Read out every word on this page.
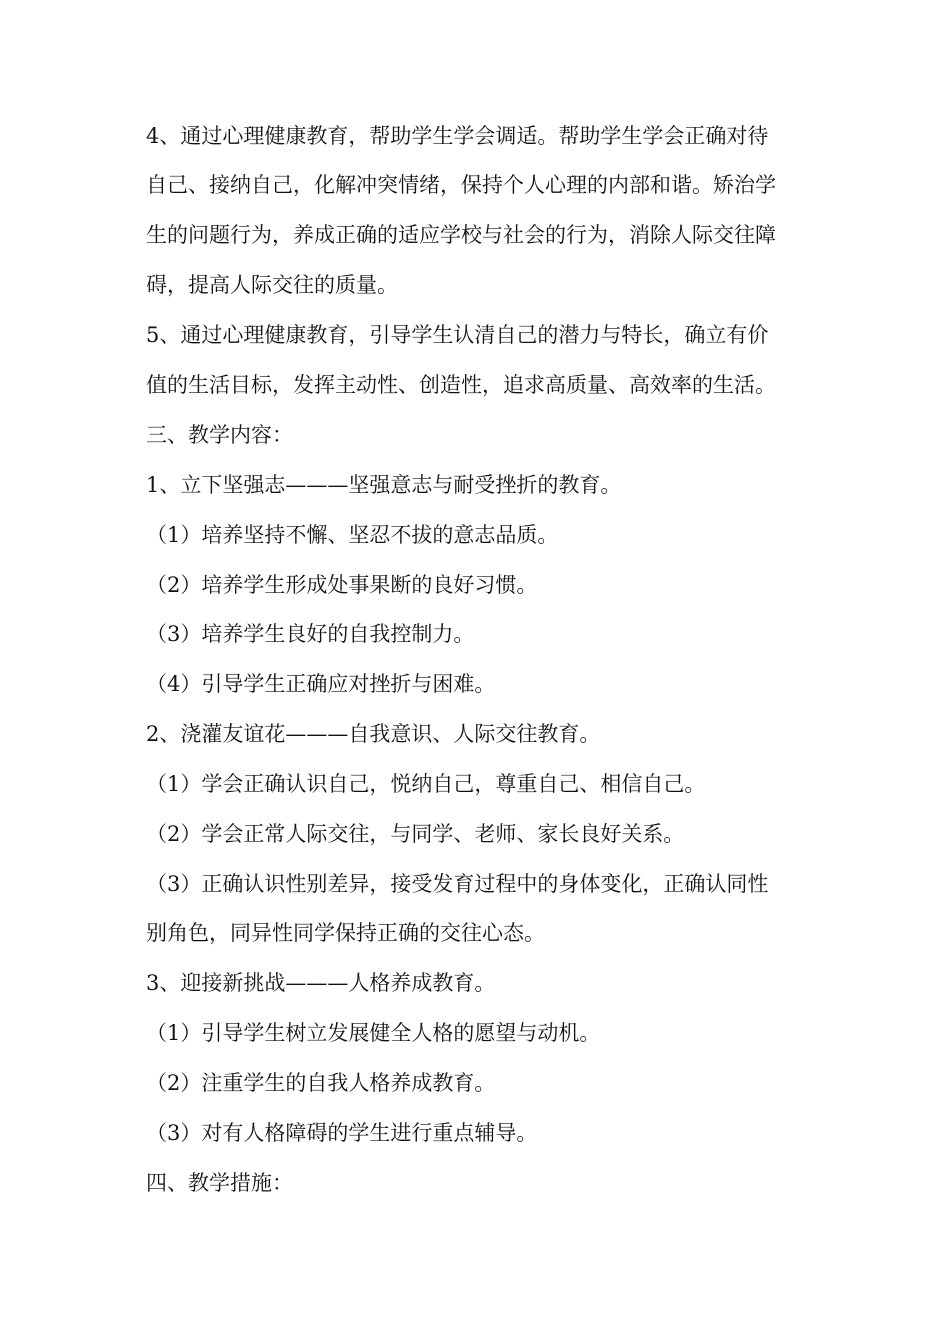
4、通过心理健康教育，帮助学生学会调适。帮助学生学会正确对待
自己、接纳自己，化解冲突情绪，保持个人心理的内部和谐。矫治学
生的问题行为，养成正确的适应学校与社会的行为，消除人际交往障
碍，提高人际交往的质量。
5、通过心理健康教育，引导学生认清自己的潜力与特长，确立有价
值的生活目标，发挥主动性、创造性，追求高质量、高效率的生活。
三、教学内容：
1、立下坚强志———坚强意志与耐受挫折的教育。
（1）培养坚持不懈、坚忍不拔的意志品质。
（2）培养学生形成处事果断的良好习惯。
（3）培养学生良好的自我控制力。
（4）引导学生正确应对挫折与困难。
2、浇灌友谊花———自我意识、人际交往教育。
（1）学会正确认识自己，悦纳自己，尊重自己、相信自己。
（2）学会正常人际交往，与同学、老师、家长良好关系。
（3）正确认识性别差异，接受发育过程中的身体变化，正确认同性
别角色，同异性同学保持正确的交往心态。
3、迎接新挑战———人格养成教育。
（1）引导学生树立发展健全人格的愿望与动机。
（2）注重学生的自我人格养成教育。
（3）对有人格障碍的学生进行重点辅导。
四、教学措施：
